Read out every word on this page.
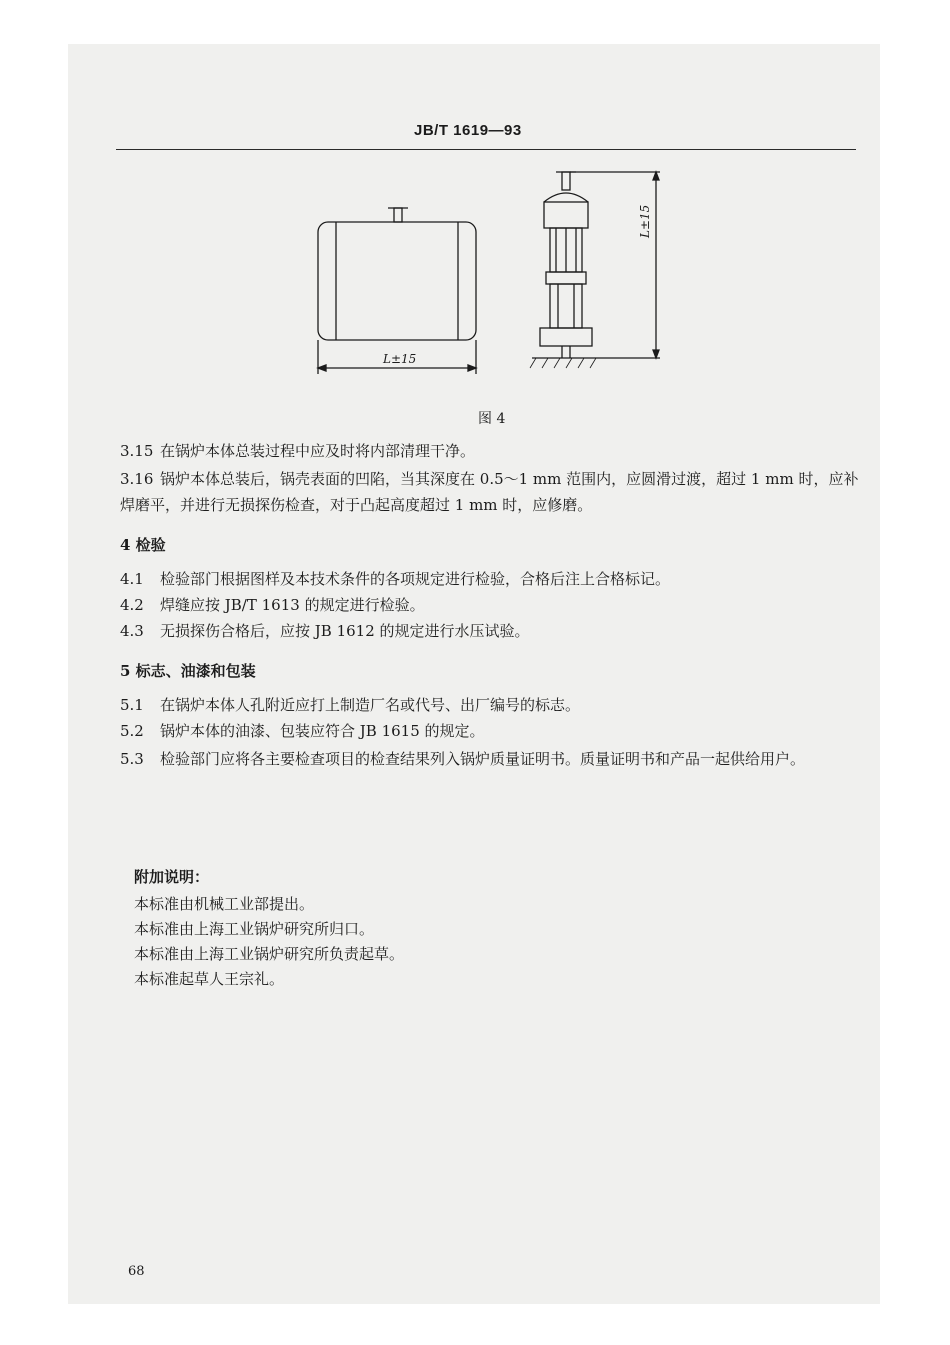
JB/T 1619—93
L±15
L±15
图 4

3.15 在锅炉本体总装过程中应及时将内部清理干净。

3.16 锅炉本体总装后，锅壳表面的凹陷，当其深度在 0.5～1 mm 范围内，应圆滑过渡，超过 1 mm 时，应补焊磨平，并进行无损探伤检查，对于凸起高度超过 1 mm 时，应修磨。

4 检验

4.1 检验部门根据图样及本技术条件的各项规定进行检验，合格后注上合格标记。

4.2 焊缝应按 JB/T 1613 的规定进行检验。

4.3 无损探伤合格后，应按 JB 1612 的规定进行水压试验。

5 标志、油漆和包装

5.1 在锅炉本体人孔附近应打上制造厂名或代号、出厂编号的标志。

5.2 锅炉本体的油漆、包装应符合 JB 1615 的规定。

5.3 检验部门应将各主要检查项目的检查结果列入锅炉质量证明书。质量证明书和产品一起供给用户。

附加说明：

本标准由机械工业部提出。

本标准由上海工业锅炉研究所归口。

本标准由上海工业锅炉研究所负责起草。

本标准起草人王宗礼。

68
